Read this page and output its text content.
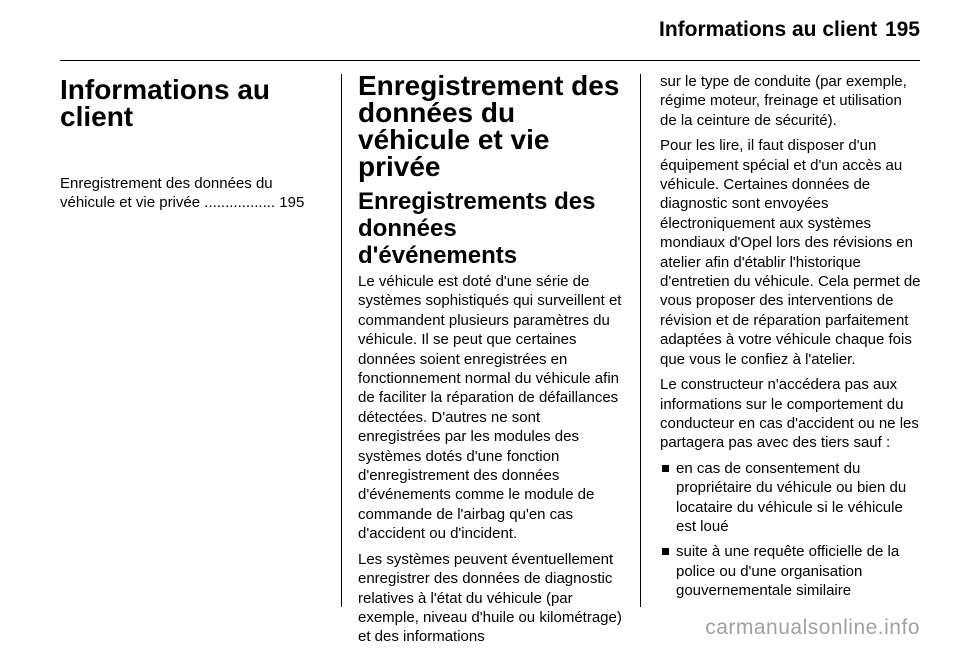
Informations au client 195
Informations au client
Enregistrement des données du
véhicule et vie privée ................. 195
Enregistrement des données du véhicule et vie privée
Enregistrements des données d'événements

Le véhicule est doté d'une série de systèmes sophistiqués qui surveillent et commandent plusieurs paramètres du véhicule. Il se peut que certaines données soient enregistrées en fonctionnement normal du véhicule afin de faciliter la réparation de défaillances détectées. D'autres ne sont enregistrées par les modules des systèmes dotés d'une fonction d'enregistrement des données d'événements comme le module de commande de l'airbag qu'en cas d'accident ou d'incident.

Les systèmes peuvent éventuellement enregistrer des données de diagnostic relatives à l'état du véhicule (par exemple, niveau d'huile ou kilométrage) et des informations

sur le type de conduite (par exemple, régime moteur, freinage et utilisation de la ceinture de sécurité).

Pour les lire, il faut disposer d'un équipement spécial et d'un accès au véhicule. Certaines données de diagnostic sont envoyées électroniquement aux systèmes mondiaux d'Opel lors des révisions en atelier afin d'établir l'historique d'entretien du véhicule. Cela permet de vous proposer des interventions de révision et de réparation parfaitement adaptées à votre véhicule chaque fois que vous le confiez à l'atelier.

Le constructeur n'accédera pas aux informations sur le comportement du conducteur en cas d'accident ou ne les partagera pas avec des tiers sauf :

en cas de consentement du propriétaire du véhicule ou bien du locataire du véhicule si le véhicule est loué
suite à une requête officielle de la police ou d'une organisation gouvernementale similaire
carmanualsonline.info
